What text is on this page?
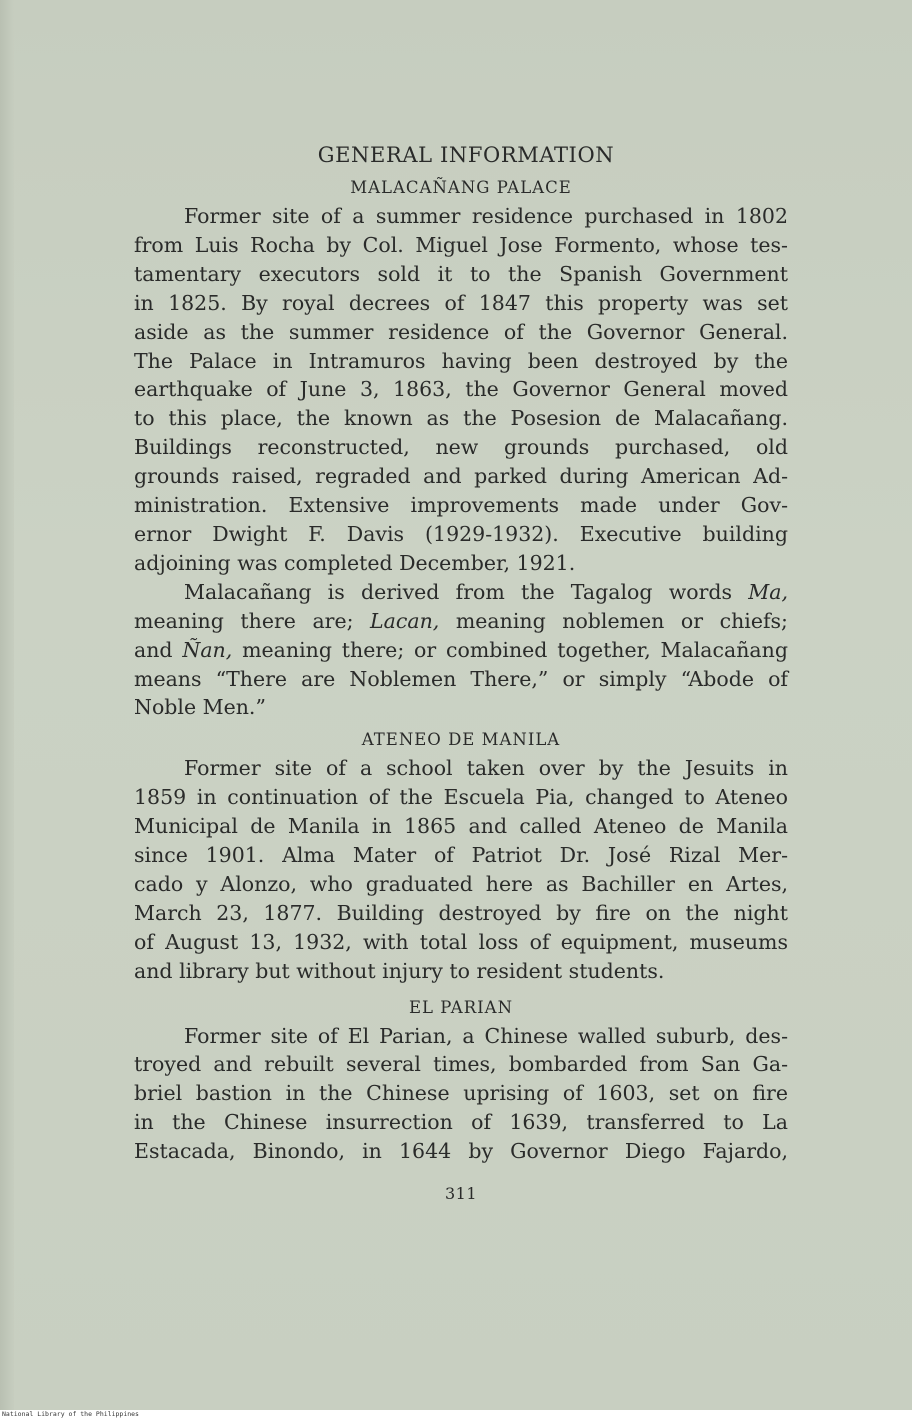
GENERAL INFORMATION
MALACAÑANG PALACE

Former site of a summer residence purchased in 1802
from Luis Rocha by Col. Miguel Jose Formento, whose tes-
tamentary executors sold it to the Spanish Government
in 1825. By royal decrees of 1847 this property was set
aside as the summer residence of the Governor General.
The Palace in Intramuros having been destroyed by the
earthquake of June 3, 1863, the Governor General moved
to this place, the known as the Posesion de Malacañang.
Buildings reconstructed, new grounds purchased, old
grounds raised, regraded and parked during American Ad-
ministration. Extensive improvements made under Gov-
ernor Dwight F. Davis (1929-1932). Executive building
adjoining was completed December, 1921.

Malacañang is derived from the Tagalog words Ma,
meaning there are; Lacan, meaning noblemen or chiefs;
and Ñan, meaning there; or combined together, Malacañang
means “There are Noblemen There,” or simply “Abode of
Noble Men.”

ATENEO DE MANILA

Former site of a school taken over by the Jesuits in
1859 in continuation of the Escuela Pia, changed to Ateneo
Municipal de Manila in 1865 and called Ateneo de Manila
since 1901. Alma Mater of Patriot Dr. José Rizal Mer-
cado y Alonzo, who graduated here as Bachiller en Artes,
March 23, 1877. Building destroyed by fire on the night
of August 13, 1932, with total loss of equipment, museums
and library but without injury to resident students.

EL PARIAN

Former site of El Parian, a Chinese walled suburb, des-
troyed and rebuilt several times, bombarded from San Ga-
briel bastion in the Chinese uprising of 1603, set on fire
in the Chinese insurrection of 1639, transferred to La
Estacada, Binondo, in 1644 by Governor Diego Fajardo,

311
National Library of the Philippines
